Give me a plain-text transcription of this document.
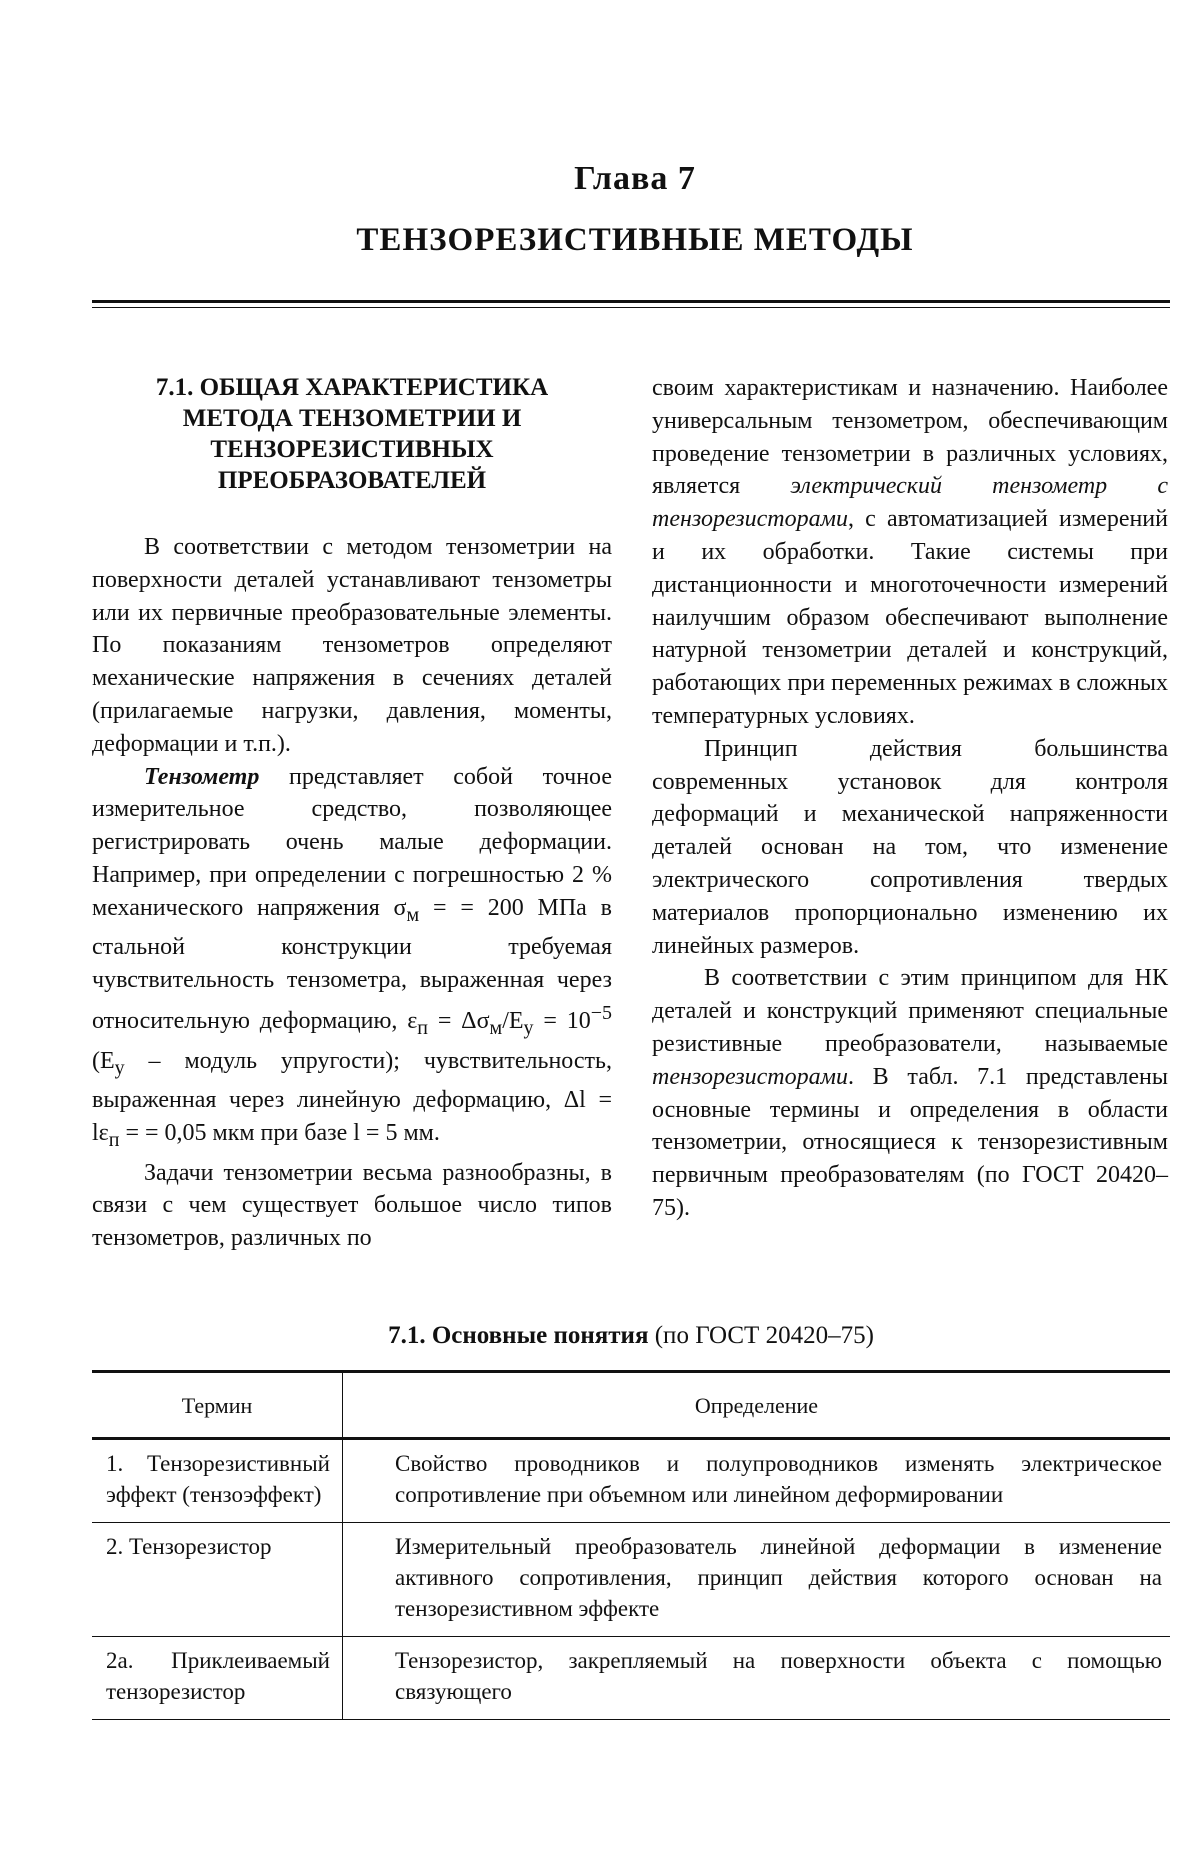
Глава 7
ТЕНЗОРЕЗИСТИВНЫЕ МЕТОДЫ
7.1. ОБЩАЯ ХАРАКТЕРИСТИКА МЕТОДА ТЕНЗОМЕТРИИ И ТЕНЗОРЕЗИСТИВНЫХ ПРЕОБРАЗОВАТЕЛЕЙ

В соответствии с методом тензометрии на поверхности деталей устанавливают тензометры или их первичные преобразовательные элементы. По показаниям тензометров определяют механические напряжения в сечениях деталей (прилагаемые нагрузки, давления, моменты, деформации и т.п.).

Тензометр представляет собой точное измерительное средство, позволяющее регистрировать очень малые деформации. Например, при определении с погрешностью 2 % механического напряжения $\sigma_м$ = = 200 МПа в стальной конструкции требуемая чувствительность тензометра, выраженная через относительную деформацию, $\varepsilon_п = \Delta\sigma_м/E_у = 10^{-5}$ ($E_у$ – модуль упругости); чувствительность, выраженная через линейную деформацию, $\Delta l = l\varepsilon_п$ = = 0,05 мкм при базе l = 5 мм.

Задачи тензометрии весьма разнообразны, в связи с чем существует большое число типов тензометров, различных по

своим характеристикам и назначению. Наиболее универсальным тензометром, обеспечивающим проведение тензометрии в различных условиях, является электрический тензометр с тензорезисторами, с автоматизацией измерений и их обработки. Такие системы при дистанционности и многоточечности измерений наилучшим образом обеспечивают выполнение натурной тензометрии деталей и конструкций, работающих при переменных режимах в сложных температурных условиях.

Принцип действия большинства современных установок для контроля деформаций и механической напряженности деталей основан на том, что изменение электрического сопротивления твердых материалов пропорционально изменению их линейных размеров.

В соответствии с этим принципом для НК деталей и конструкций применяют специальные резистивные преобразователи, называемые тензорезисторами. В табл. 7.1 представлены основные термины и определения в области тензометрии, относящиеся к тензорезистивным первичным преобразователям (по ГОСТ 20420–75).

7.1. Основные понятия (по ГОСТ 20420–75)
Термин	Определение
1. Тензорезистивный эффект (тензоэффект)	Свойство проводников и полупроводников изменять электрическое сопротивление при объемном или линейном деформировании
2. Тензорезистор	Измерительный преобразователь линейной деформации в изменение активного сопротивления, принцип действия которого основан на тензорезистивном эффекте
2а. Приклеиваемый тензорезистор	Тензорезистор, закрепляемый на поверхности объекта с помощью связующего
